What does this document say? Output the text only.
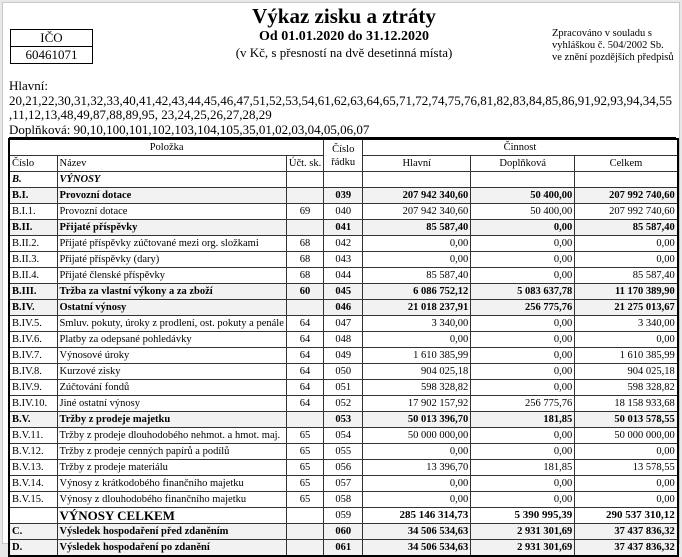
IČO
60461071
Výkaz zisku a ztráty
Od 01.01.2020 do 31.12.2020
(v Kč, s přesností na dvě desetinná místa)
Zpracováno v souladu s
vyhláškou č. 504/2002 Sb.
ve znění pozdějších předpisů
Hlavní:
20,21,22,30,31,32,33,40,41,42,43,44,45,46,47,51,52,53,54,61,62,63,64,65,71,72,74,75,76,81,82,83,84,85,86,91,92,93,94,34,55
,11,12,13,48,49,87,88,89,95, 23,24,25,26,27,28,29
Doplňková: 90,10,100,101,102,103,104,105,35,01,02,03,04,05,06,07
Položka			Číslo řádku	Činnost		
Číslo	Název	Účt. sk.		Hlavní	Doplňková	Celkem
B.	VÝNOSY					
B.I.	Provozní dotace		039	207 942 340,60	50 400,00	207 992 740,60
B.I.1.	Provozní dotace	69	040	207 942 340,60	50 400,00	207 992 740,60
B.II.	Přijaté příspěvky		041	85 587,40	0,00	85 587,40
B.II.2.	Přijaté příspěvky zúčtované mezi org. složkami	68	042	0,00	0,00	0,00
B.II.3.	Přijaté příspěvky (dary)	68	043	0,00	0,00	0,00
B.II.4.	Přijaté členské příspěvky	68	044	85 587,40	0,00	85 587,40
B.III.	Tržba za vlastní výkony a za zboží	60	045	6 086 752,12	5 083 637,78	11 170 389,90
B.IV.	Ostatní výnosy		046	21 018 237,91	256 775,76	21 275 013,67
B.IV.5.	Smluv. pokuty, úroky z prodlení, ost. pokuty a penále	64	047	3 340,00	0,00	3 340,00
B.IV.6.	Platby za odepsané pohledávky	64	048	0,00	0,00	0,00
B.IV.7.	Výnosové úroky	64	049	1 610 385,99	0,00	1 610 385,99
B.IV.8.	Kurzové zisky	64	050	904 025,18	0,00	904 025,18
B.IV.9.	Zúčtování fondů	64	051	598 328,82	0,00	598 328,82
B.IV.10.	Jiné ostatní výnosy	64	052	17 902 157,92	256 775,76	18 158 933,68
B.V.	Tržby z prodeje majetku		053	50 013 396,70	181,85	50 013 578,55
B.V.11.	Tržby z prodeje dlouhodobého nehmot. a hmot. maj.	65	054	50 000 000,00	0,00	50 000 000,00
B.V.12.	Tržby z prodeje cenných papírů a podílů	65	055	0,00	0,00	0,00
B.V.13.	Tržby z prodeje materiálu	65	056	13 396,70	181,85	13 578,55
B.V.14.	Výnosy z krátkodobého finančního majetku	65	057	0,00	0,00	0,00
B.V.15.	Výnosy z dlouhodobého finančního majetku	65	058	0,00	0,00	0,00
	VÝNOSY CELKEM		059	285 146 314,73	5 390 995,39	290 537 310,12
C.	Výsledek hospodaření před zdaněním		060	34 506 534,63	2 931 301,69	37 437 836,32
D.	Výsledek hospodaření po zdanění		061	34 506 534,63	2 931 301,69	37 437 836,32
